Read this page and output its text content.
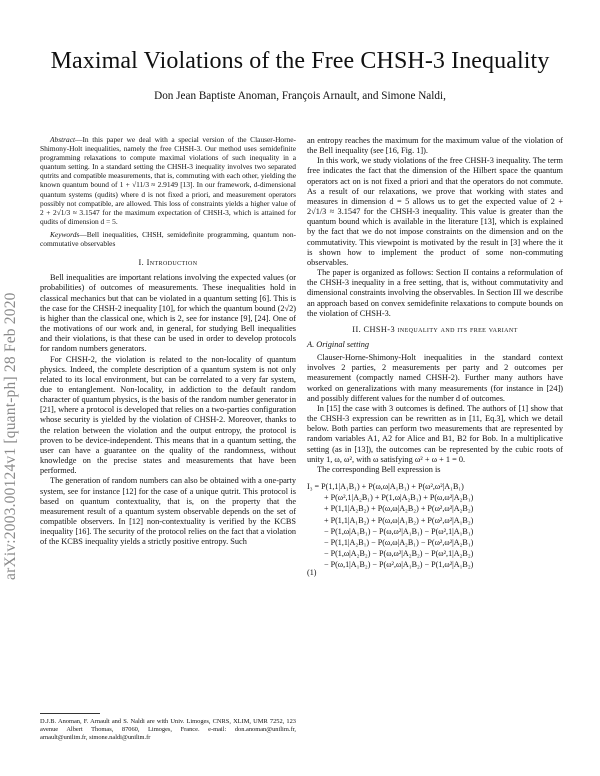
arXiv:2003.00124v1 [quant-ph] 28 Feb 2020
Maximal Violations of the Free CHSH-3 Inequality
Don Jean Baptiste Anoman, François Arnault, and Simone Naldi,

Abstract—In this paper we deal with a special version of the Clauser-Horne-Shimony-Holt inequalities, namely the free CHSH-3. Our method uses semidefinite programming relaxations to compute maximal violations of such inequality in a quantum setting. In a standard setting the CHSH-3 inequality involves two separated qutrits and compatible measurements, that is, commuting with each other, yielding the known quantum bound of 1 + √11/3 ≈ 2.9149 [13]. In our framework, d-dimensional quantum systems (qudits) where d is not fixed a priori, and measurement operators possibly not compatible, are allowed. This loss of constraints yields a higher value of 2 + 2√1/3 ≈ 3.1547 for the maximum expectation of CHSH-3, which is attained for qudits of dimension d = 5.

Keywords—Bell inequalities, CHSH, semidefinite programming, quantum non-commutative observables

I. Introduction

Bell inequalities are important relations involving the expected values (or probabilities) of outcomes of measurements. These inequalities hold in classical mechanics but that can be violated in a quantum setting [6]. This is the case for the CHSH-2 inequality [10], for which the quantum bound (2√2) is higher than the classical one, which is 2, see for instance [9], [24]. One of the motivations of our work and, in general, for studying Bell inequalities and their violations, is that these can be used in order to develop protocols for random numbers generators.

For CHSH-2, the violation is related to the non-locality of quantum physics. Indeed, the complete description of a quantum system is not only related to its local environment, but can be correlated to a very far system, due to entanglement. Non-locality, in addiction to the default random character of quantum physics, is the basis of the random number generator in [21], where a protocol is developed that relies on a two-parties configuration whose security is yielded by the violation of CHSH-2. Moreover, thanks to the relation between the violation and the output entropy, the protocol is proven to be device-independent. This means that in a quantum setting, the user can have a guarantee on the quality of the randomness, without knowledge on the precise states and measurements that have been performed.

The generation of random numbers can also be obtained with a one-party system, see for instance [12] for the case of a unique qutrit. This protocol is based on quantum contextuality, that is, on the property that the measurement result of a quantum system observable depends on the set of compatible observers. In [12] non-contextuality is verified by the KCBS inequality [16]. The security of the protocol relies on the fact that a violation of the KCBS inequality yields a strictly positive entropy. Such

D.J.B. Anoman, F. Arnault and S. Naldi are with Univ. Limoges, CNRS, XLIM, UMR 7252, 123 avenue Albert Thomas, 87060, Limoges, France. e-mail: don.anoman@unilim.fr, arnault@unilim.fr, simone.naldi@unilim.fr

an entropy reaches the maximum for the maximum value of the violation of the Bell inequality (see [16, Fig. 1]).

In this work, we study violations of the free CHSH-3 inequality. The term free indicates the fact that the dimension of the Hilbert space the quantum operators act on is not fixed a priori and that the operators do not commute. As a result of our relaxations, we prove that working with states and measures in dimension d = 5 allows us to get the expected value of 2 + 2√1/3 ≈ 3.1547 for the CHSH-3 inequality. This value is greater than the quantum bound which is available in the literature [13], which is explained by the fact that we do not impose constraints on the dimension and on the commutativity. This viewpoint is motivated by the result in [3] where the it is shown how to implement the product of some non-commuting observables.

The paper is organized as follows: Section II contains a reformulation of the CHSH-3 inequality in a free setting, that is, without commutativity and dimensional constraints involving the observables. In Section III we describe an approach based on convex semidefinite relaxations to compute bounds on the violation of CHSH-3.

II. CHSH-3 inequality and its free variant
A. Original setting

Clauser-Horne-Shimony-Holt inequalities in the standard context involves 2 parties, 2 measurements per party and 2 outcomes per measurement (compactly named CHSH-2). Further many authors have worked on generalizations with many measurements (for instance in [24]) and possibly different values for the number d of outcomes.

In [15] the case with 3 outcomes is defined. The authors of [1] show that the CHSH-3 expression can be rewritten as in [11, Eq.3], which we detail below. Both parties can perform two measurements that are represented by random variables A1, A2 for Alice and B1, B2 for Bob. In a multiplicative setting (as in [13]), the outcomes can be represented by the cubic roots of unity 1, ω, ω², with ω satisfying ω² + ω + 1 = 0.

The corresponding Bell expression is

I₃ = P(1,1|A₁B₁) + P(ω,ω|A₁B₁) + P(ω²,ω²|A₁B₁)
+ P(ω²,1|A₂B₁) + P(1,ω|A₂B₁) + P(ω,ω²|A₂B₁)
+ P(1,1|A₂B₂) + P(ω,ω|A₂B₂) + P(ω²,ω²|A₂B₂)
+ P(1,1|A₁B₂) + P(ω,ω|A₁B₂) + P(ω²,ω²|A₁B₂)
− P(1,ω|A₁B₁) − P(ω,ω²|A₁B₁) − P(ω²,1|A₁B₁)
− P(1,1|A₂B₁) − P(ω,ω|A₂B₁) − P(ω²,ω²|A₂B₁)
− P(1,ω|A₂B₂) − P(ω,ω²|A₂B₂) − P(ω²,1|A₂B₂)
− P(ω,1|A₁B₂) − P(ω²,ω|A₁B₂) − P(1,ω²|A₁B₂)
(1)
